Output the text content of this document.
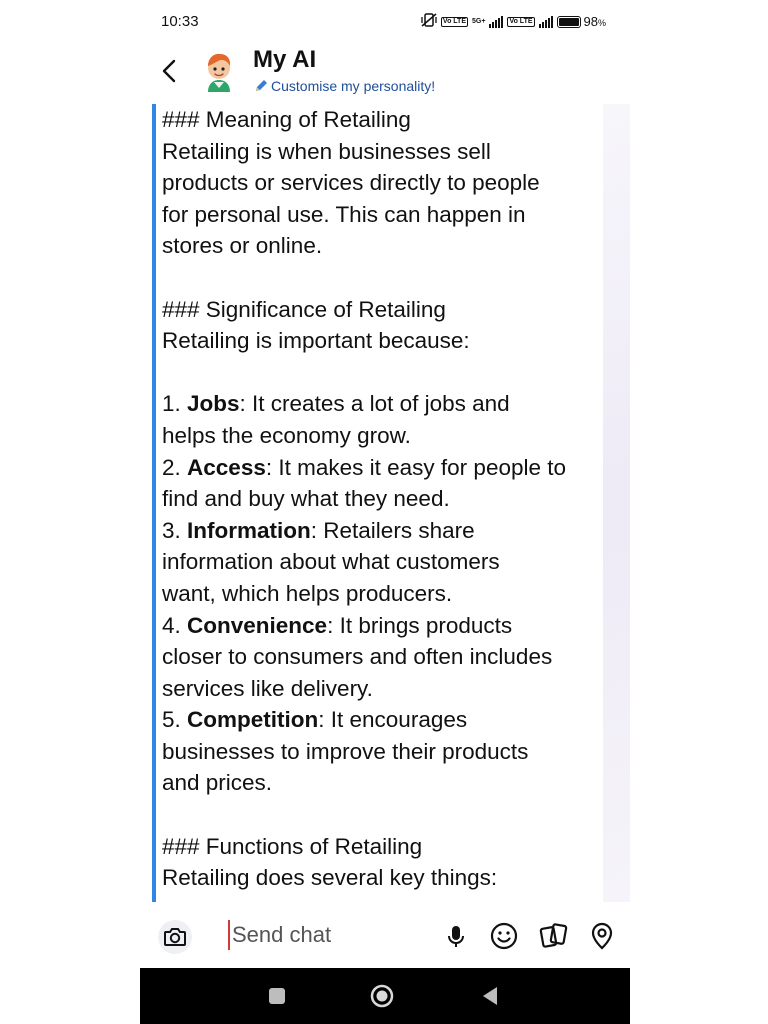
10:33	Vo LTE 5G+	Vo LTE	98%
My AI
Customise my personality!

### Meaning of Retailing

Retailing is when businesses sell

products or services directly to people

for personal use. This can happen in

stores or online.

### Significance of Retailing

Retailing is important because:

1. Jobs: It creates a lot of jobs and

helps the economy grow.

2. Access: It makes it easy for people to

find and buy what they need.

3. Information: Retailers share

information about what customers

want, which helps producers.

4. Convenience: It brings products

closer to consumers and often includes

services like delivery.

5. Competition: It encourages

businesses to improve their products

and prices.

### Functions of Retailing

Retailing does several key things:

Send chat
